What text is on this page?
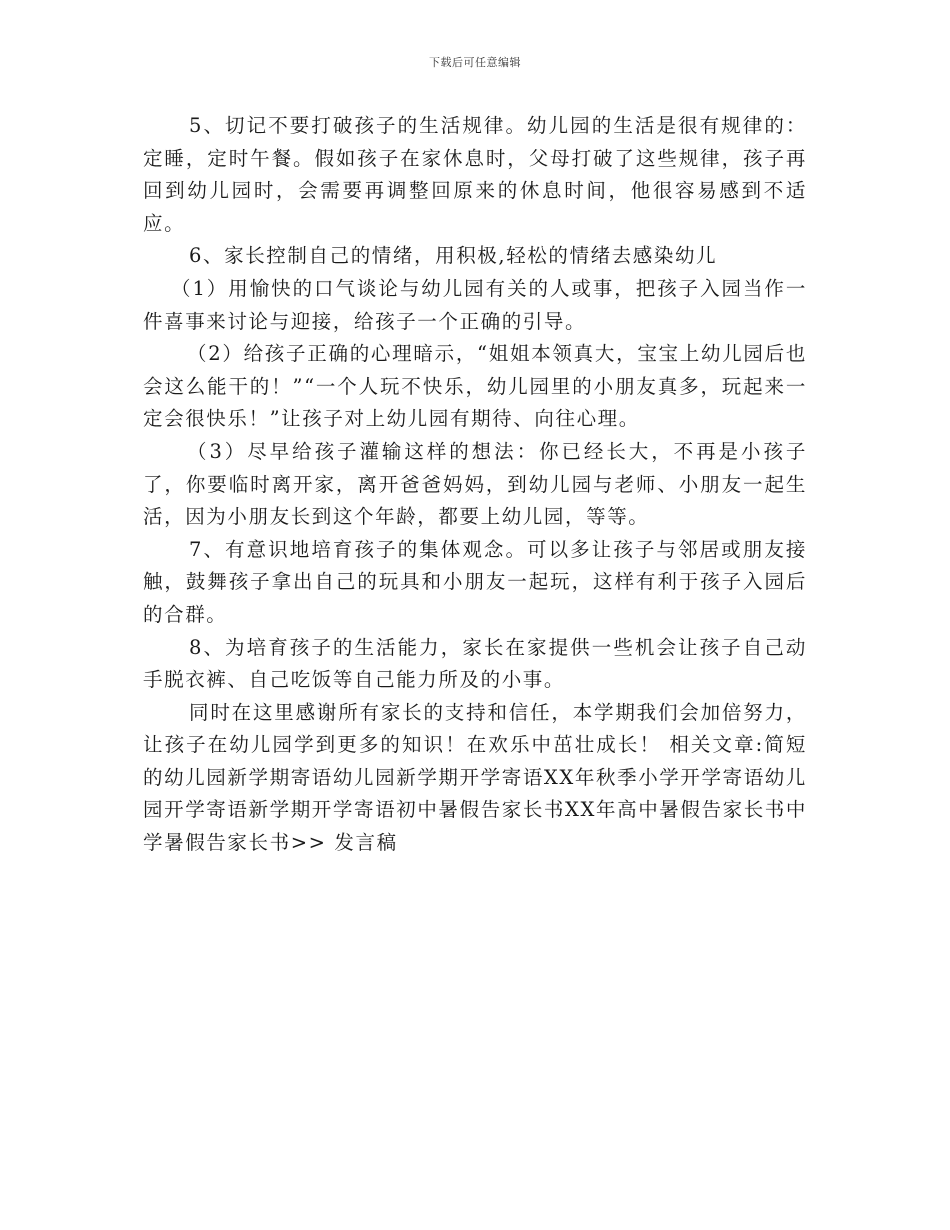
下载后可任意编辑

5、切记不要打破孩子的生活规律。幼儿园的生活是很有规律的：定睡，定时午餐。假如孩子在家休息时，父母打破了这些规律，孩子再回到幼儿园时，会需要再调整回原来的休息时间，他很容易感到不适应。

6、家长控制自己的情绪，用积极,轻松的情绪去感染幼儿

（1）用愉快的口气谈论与幼儿园有关的人或事，把孩子入园当作一件喜事来讨论与迎接，给孩子一个正确的引导。

（2）给孩子正确的心理暗示，“姐姐本领真大，宝宝上幼儿园后也会这么能干的！”“一个人玩不快乐，幼儿园里的小朋友真多，玩起来一定会很快乐！”让孩子对上幼儿园有期待、向往心理。

（3）尽早给孩子灌输这样的想法：你已经长大，不再是小孩子了，你要临时离开家，离开爸爸妈妈，到幼儿园与老师、小朋友一起生活，因为小朋友长到这个年龄，都要上幼儿园，等等。

7、有意识地培育孩子的集体观念。可以多让孩子与邻居或朋友接触，鼓舞孩子拿出自己的玩具和小朋友一起玩，这样有利于孩子入园后的合群。

8、为培育孩子的生活能力，家长在家提供一些机会让孩子自己动手脱衣裤、自己吃饭等自己能力所及的小事。

同时在这里感谢所有家长的支持和信任，本学期我们会加倍努力，让孩子在幼儿园学到更多的知识！在欢乐中茁壮成长！ 相关文章:简短的幼儿园新学期寄语幼儿园新学期开学寄语XX年秋季小学开学寄语幼儿园开学寄语新学期开学寄语初中暑假告家长书XX年高中暑假告家长书中学暑假告家长书>> 发言稿
